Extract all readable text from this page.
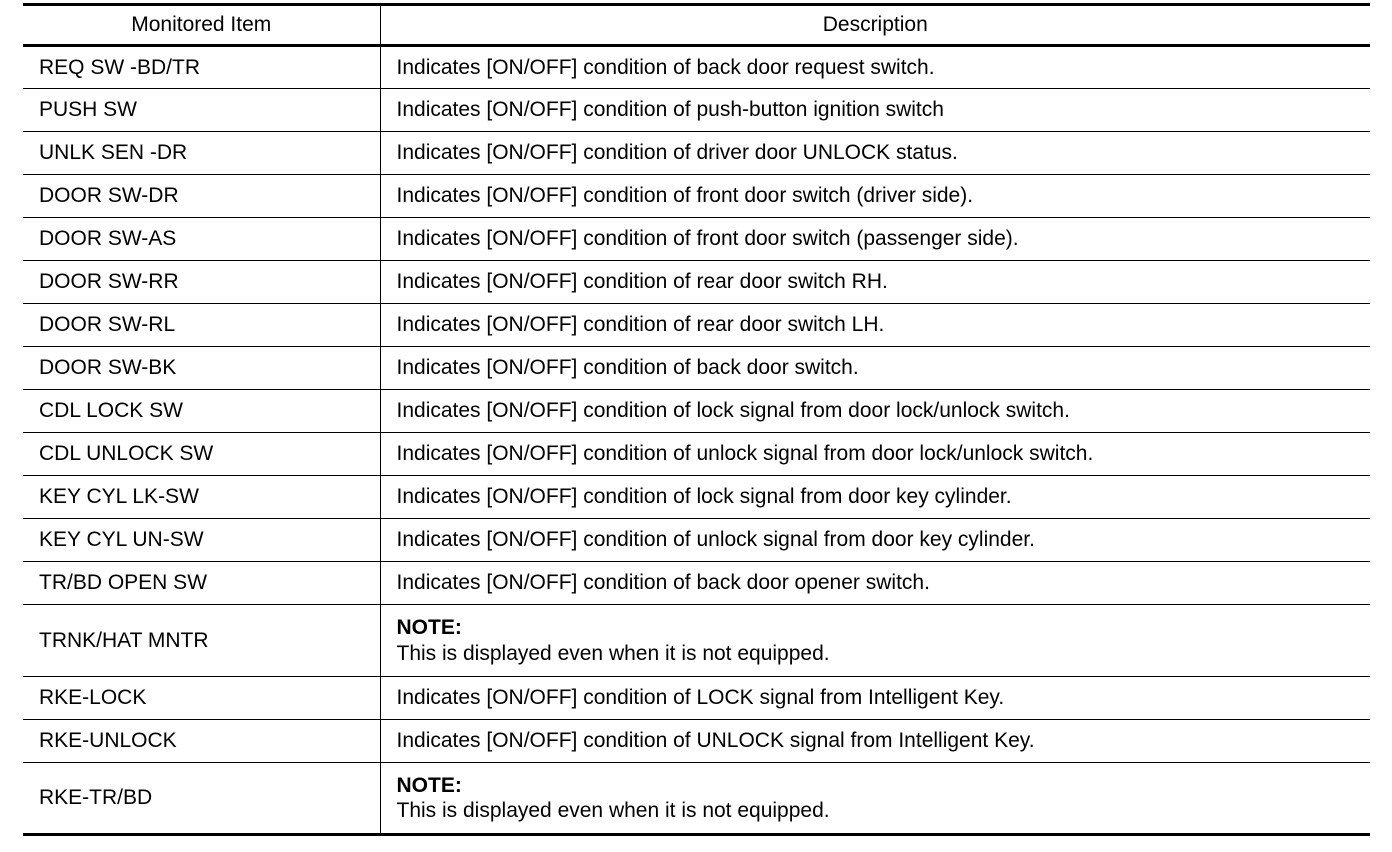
Monitored Item	Description
REQ SW -BD/TR	Indicates [ON/OFF] condition of back door request switch.
PUSH SW	Indicates [ON/OFF] condition of push-button ignition switch
UNLK SEN -DR	Indicates [ON/OFF] condition of driver door UNLOCK status.
DOOR SW-DR	Indicates [ON/OFF] condition of front door switch (driver side).
DOOR SW-AS	Indicates [ON/OFF] condition of front door switch (passenger side).
DOOR SW-RR	Indicates [ON/OFF] condition of rear door switch RH.
DOOR SW-RL	Indicates [ON/OFF] condition of rear door switch LH.
DOOR SW-BK	Indicates [ON/OFF] condition of back door switch.
CDL LOCK SW	Indicates [ON/OFF] condition of lock signal from door lock/unlock switch.
CDL UNLOCK SW	Indicates [ON/OFF] condition of unlock signal from door lock/unlock switch.
KEY CYL LK-SW	Indicates [ON/OFF] condition of lock signal from door key cylinder.
KEY CYL UN-SW	Indicates [ON/OFF] condition of unlock signal from door key cylinder.
TR/BD OPEN SW	Indicates [ON/OFF] condition of back door opener switch.
TRNK/HAT MNTR	NOTE:
This is displayed even when it is not equipped.

RKE-LOCK	Indicates [ON/OFF] condition of LOCK signal from Intelligent Key.
RKE-UNLOCK	Indicates [ON/OFF] condition of UNLOCK signal from Intelligent Key.
RKE-TR/BD	NOTE:
This is displayed even when it is not equipped.
